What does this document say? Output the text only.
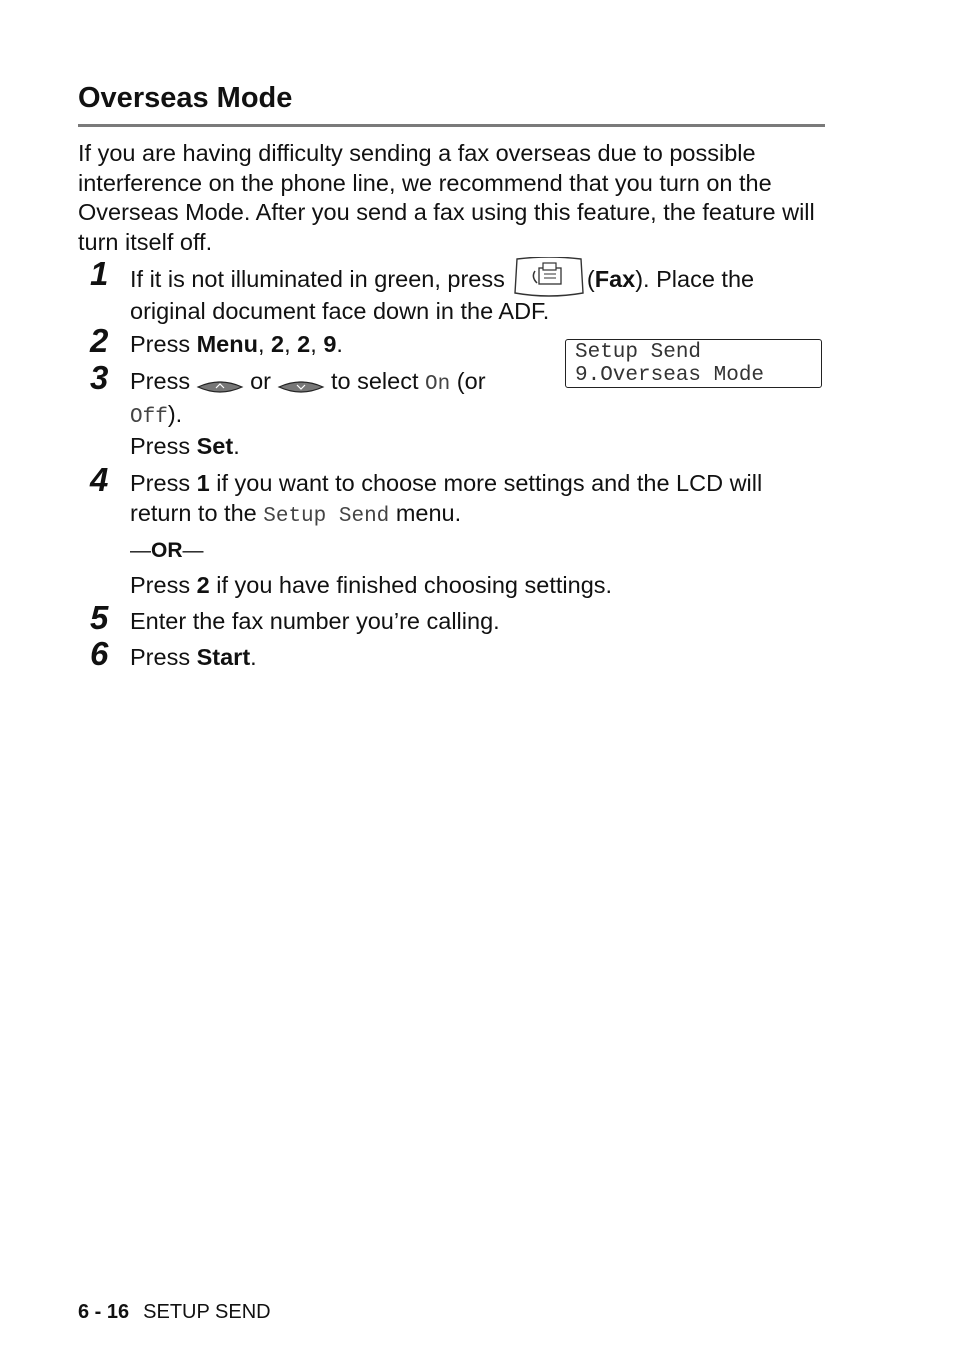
Overseas Mode
If you are having difficulty sending a fax overseas due to possible interference on the phone line, we recommend that you turn on the Overseas Mode. After you send a fax using this feature, the feature will turn itself off.
1 If it is not illuminated in green, press	(Fax). Place the
original document face down in the ADF.
2 Press Menu, 2, 2, 9.	Setup Send
9.Overseas Mode
3 Press	or	to select On (or
Off).
Press Set.
4 Press 1 if you want to choose more settings and the LCD will
return to the Setup Send menu.
—OR—
Press 2 if you have finished choosing settings.
5 Enter the fax number you’re calling.
6 Press Start.
6 - 16 SETUP SEND
